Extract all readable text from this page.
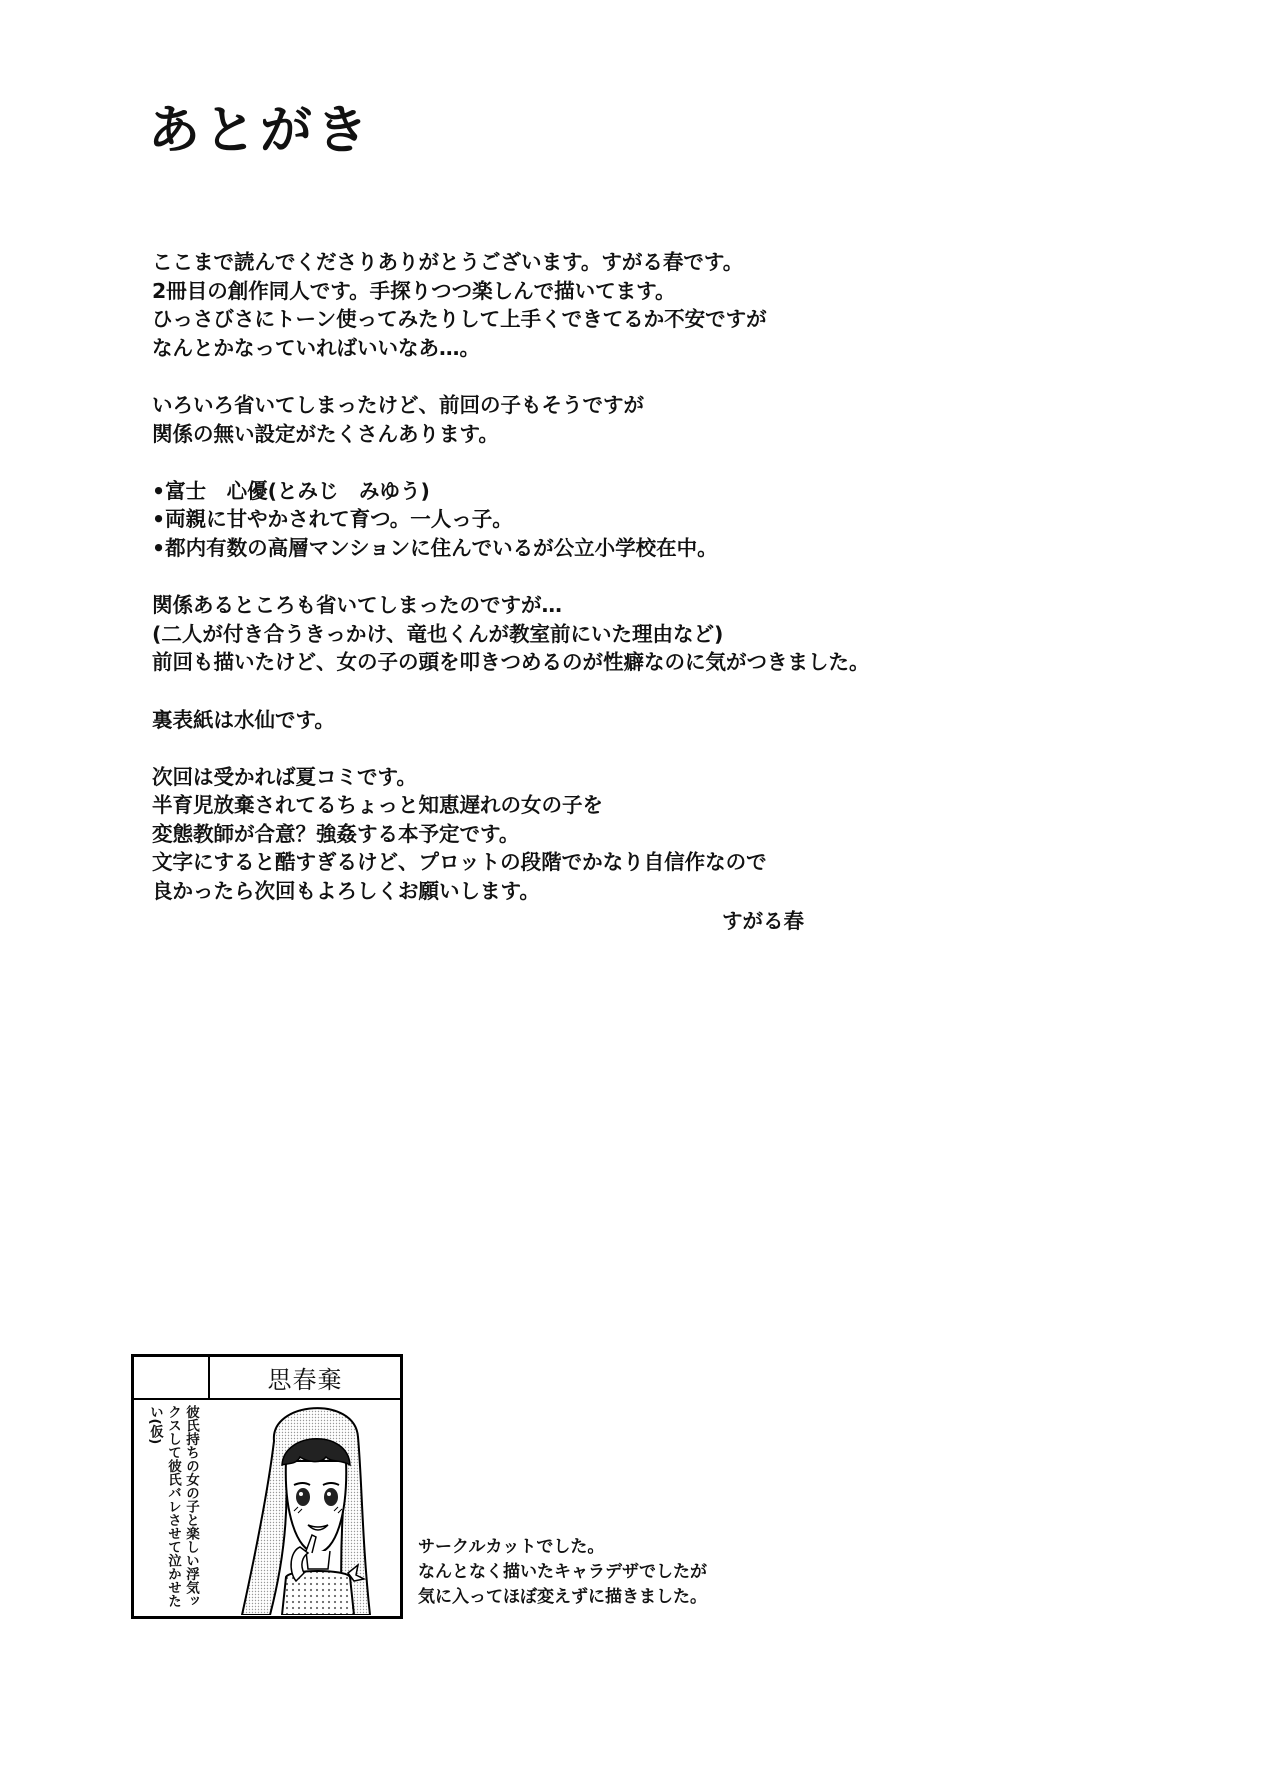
あとがき

ここまで読んでくださりありがとうございます。すがる春です。
2冊目の創作同人です。手探りつつ楽しんで描いてます。
ひっさびさにトーン使ってみたりして上手くできてるか不安ですが
なんとかなっていればいいなあ…。

いろいろ省いてしまったけど、前回の子もそうですが
関係の無い設定がたくさんあります。

•富士　心優(とみじ　みゆう)
•両親に甘やかされて育つ。一人っ子。
•都内有数の高層マンションに住んでいるが公立小学校在中。

関係あるところも省いてしまったのですが…
(二人が付き合うきっかけ、竜也くんが教室前にいた理由など)
前回も描いたけど、女の子の頭を叩きつめるのが性癖なのに気がつきました。

裏表紙は水仙です。

次回は受かれば夏コミです。
半育児放棄されてるちょっと知恵遅れの女の子を
変態教師が合意？強姦する本予定です。
文字にすると酷すぎるけど、プロットの段階でかなり自信作なので
良かったら次回もよろしくお願いします。

すがる春
思春棄
彼氏持ちの女の子と楽しい浮気ックスして彼氏バレさせて泣かせたい(仮)
サークルカットでした。
なんとなく描いたキャラデザでしたが
気に入ってほぼ変えずに描きました。
